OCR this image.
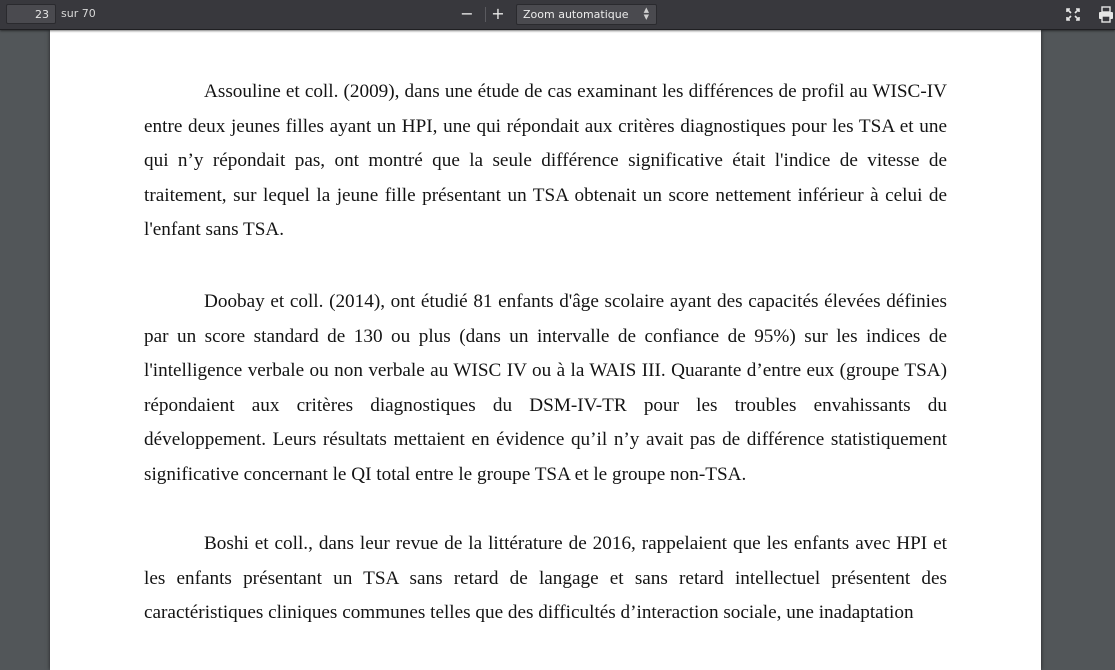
23
sur 70	−	+	Zoom automatique ▲
▼

Assouline et coll. (2009), dans une étude de cas examinant les différences de profil au WISC-IV entre deux jeunes filles ayant un HPI, une qui répondait aux critères diagnostiques pour les TSA et une qui n’y répondait pas, ont montré que la seule différence significative était l'indice de vitesse de traitement, sur lequel la jeune fille présentant un TSA obtenait un score nettement inférieur à celui de l'enfant sans TSA.

Doobay et coll. (2014), ont étudié 81 enfants d'âge scolaire ayant des capacités élevées définies par un score standard de 130 ou plus (dans un intervalle de confiance de 95%) sur les indices de l'intelligence verbale ou non verbale au WISC IV ou à la WAIS III. Quarante d’entre eux (groupe TSA) répondaient aux critères diagnostiques du DSM-IV-TR pour les troubles envahissants du développement. Leurs résultats mettaient en évidence qu’il n’y avait pas de différence statistiquement significative concernant le QI total entre le groupe TSA et le groupe non-TSA.

Boshi et coll., dans leur revue de la littérature de 2016, rappelaient que les enfants avec HPI et les enfants présentant un TSA sans retard de langage et sans retard intellectuel présentent des caractéristiques cliniques communes telles que des difficultés d’interaction sociale, une inadaptation
